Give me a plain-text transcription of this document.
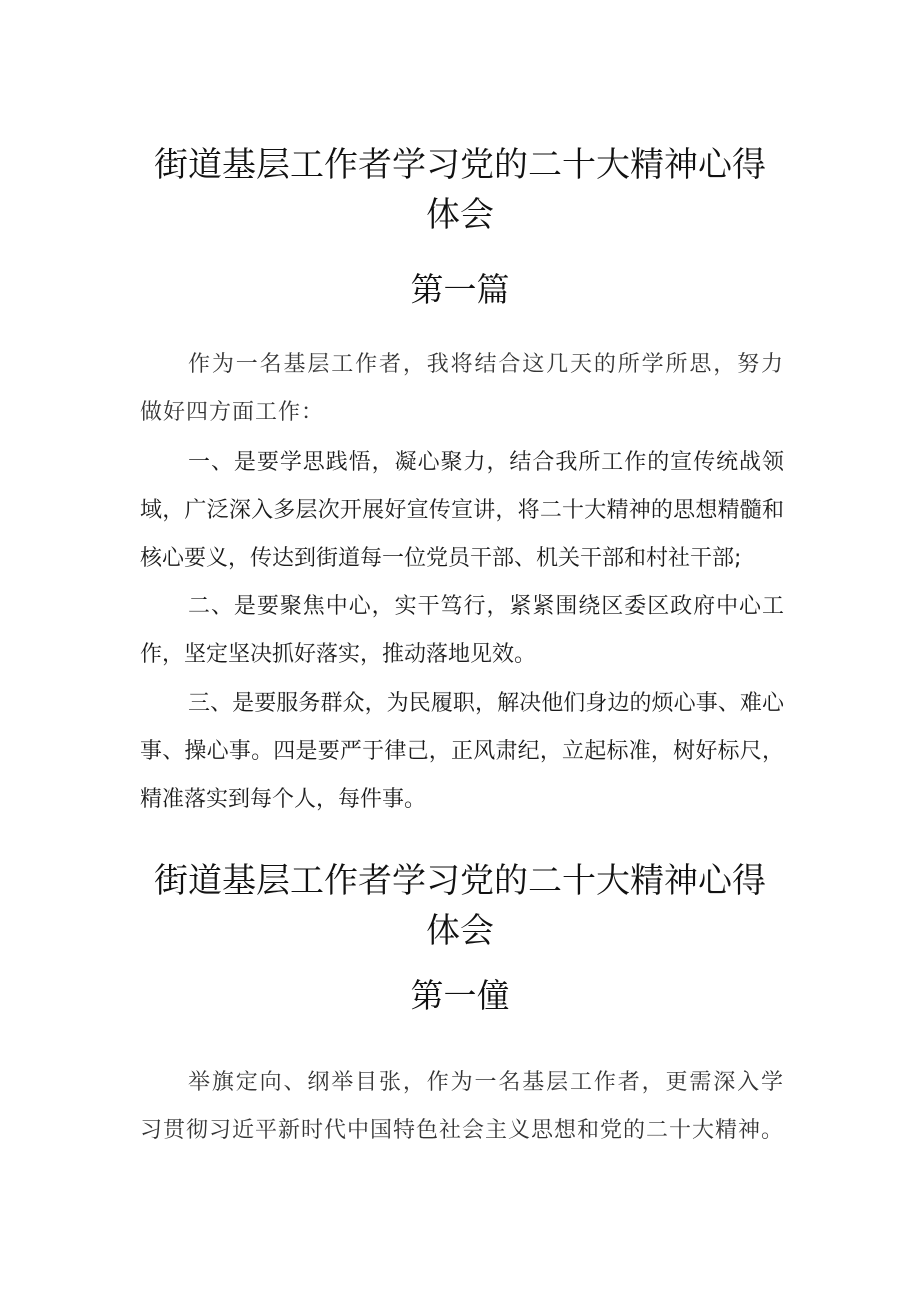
街道基层工作者学习党的二十大精神心得
体会
第一篇

作为一名基层工作者，我将结合这几天的所学所思，努力做好四方面工作：

一、是要学思践悟，凝心聚力，结合我所工作的宣传统战领域，广泛深入多层次开展好宣传宣讲，将二十大精神的思想精髓和核心要义，传达到街道每一位党员干部、机关干部和村社干部;

二、是要聚焦中心，实干笃行，紧紧围绕区委区政府中心工作，坚定坚决抓好落实，推动落地见效。

三、是要服务群众，为民履职，解决他们身边的烦心事、难心事、操心事。四是要严于律己，正风肃纪，立起标准，树好标尺，精准落实到每个人，每件事。

街道基层工作者学习党的二十大精神心得
体会
第一僮

举旗定向、纲举目张，作为一名基层工作者，更需深入学习贯彻习近平新时代中国特色社会主义思想和党的二十大精神。
